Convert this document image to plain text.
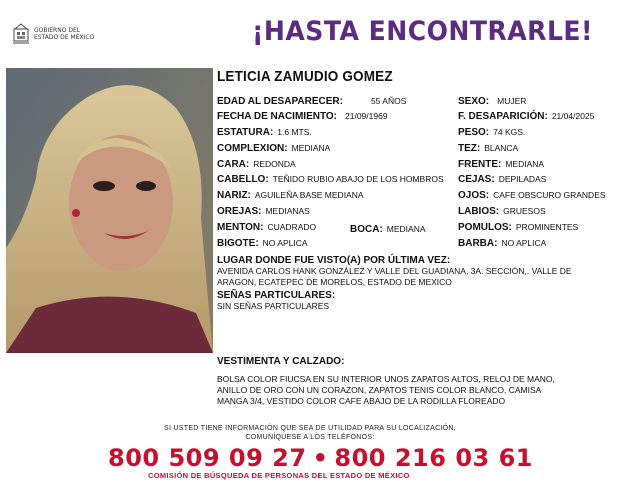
GOBIERNO DEL
ESTADO DE MÉXICO	¡HASTA ENCONTRARLE!
LETICIA ZAMUDIO GOMEZ
EDAD AL DESAPARECER:	55 AÑOS
FECHA DE NACIMIENTO: 21/09/1969
ESTATURA: 1.6 MTS.
COMPLEXION: MEDIANA
CARA: REDONDA
CABELLO: TEÑIDO RUBIO ABAJO DE LOS HOMBROS
NARIZ: AGUILEÑA BASE MEDIANA
OREJAS: MEDIANAS
MENTON: CUADRADO	BOCA: MEDIANA
BIGOTE: NO APLICA
SEXO: MUJER
F. DESAPARICIÓN: 21/04/2025
PESO: 74 KGS.
TEZ: BLANCA
FRENTE: MEDIANA
CEJAS: DEPILADAS
OJOS: CAFE OBSCURO GRANDES
LABIOS: GRUESOS
POMULOS: PROMINENTES
BARBA: NO APLICA
LUGAR DONDE FUE VISTO(A) POR ÚLTIMA VEZ:
AVENIDA CARLOS HANK GONZÁLEZ Y VALLE DEL GUADIANA, 3A. SECCIÓN,. VALLE DE
ARAGON, ECATEPEC DE MORELOS, ESTADO DE MEXICO
SEÑAS PARTICULARES:
SIN SEÑAS PARTICULARES
VESTIMENTA Y CALZADO:
BOLSA COLOR FIUCSA EN SU INTERIOR UNOS ZAPATOS ALTOS, RELOJ DE MANO,
ANILLO DE ORO CON UN CORAZON, ZAPATOS TENIS COLOR BLANCO, CAMISA
MANGA 3/4, VESTIDO COLOR CAFE ABAJO DE LA RODILLA FLOREADO
SI USTED TIENE INFORMACIÓN QUE SEA DE UTILIDAD PARA SU LOCALIZACIÓN,
COMUNÍQUESE A LOS TELÉFONOS:
800 509 09 27 • 800 216 03 61
COMISIÓN DE BÚSQUEDA DE PERSONAS DEL ESTADO DE MÉXICO
